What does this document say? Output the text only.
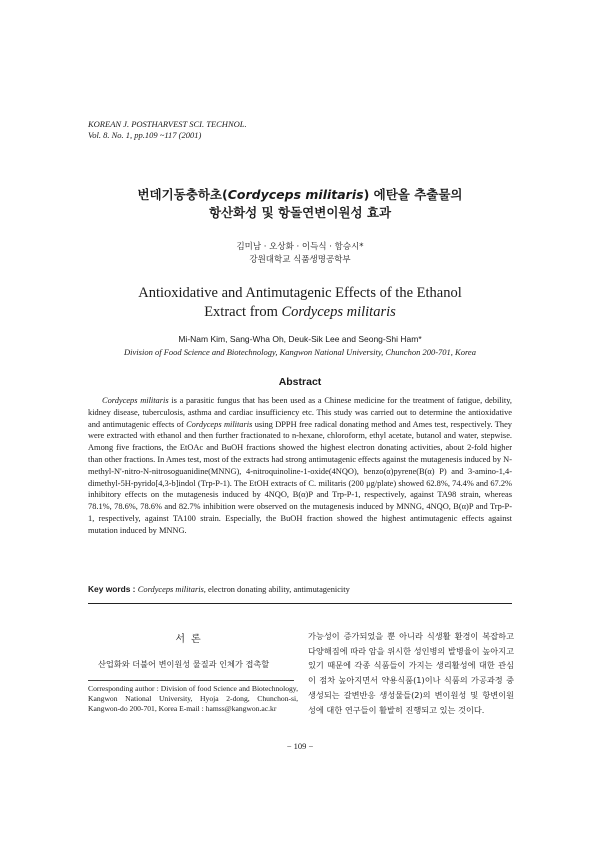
KOREAN J. POSTHARVEST SCI. TECHNOL.
Vol. 8. No. 1, pp.109 ~117 (2001)
번데기동충하초(Cordyceps militaris) 에탄올 추출물의
항산화성 및 항돌연변이원성 효과
김미남 · 오상화 · 이득식 · 함승시*
강원대학교 식품생명공학부
Antioxidative and Antimutagenic Effects of the Ethanol
Extract from Cordyceps militaris
Mi-Nam Kim, Sang-Wha Oh, Deuk-Sik Lee and Seong-Shi Ham*
Division of Food Science and Biotechnology, Kangwon National University, Chunchon 200-701, Korea
Abstract
Cordyceps militaris is a parasitic fungus that has been used as a Chinese medicine for the treatment of fatigue, debility, kidney disease, tuberculosis, asthma and cardiac insufficiency etc. This study was carried out to determine the antioxidative and antimutagenic effects of Cordyceps militaris using DPPH free radical donating method and Ames test, respectively. They were extracted with ethanol and then further fractionated to n-hexane, chloroform, ethyl acetate, butanol and water, stepwise. Among five fractions, the EtOAc and BuOH fractions showed the highest electron donating activities, about 2-fold higher than other fractions. In Ames test, most of the extracts had strong antimutagenic effects against the mutagenesis induced by N-methyl-N'-nitro-N-nitrosoguanidine(MNNG), 4-nitroquinoline-1-oxide(4NQO), benzo(α)pyrene(B(α) P) and 3-amino-1,4-dimethyl-5H-pyrido[4,3-b]indol (Trp-P-1). The EtOH extracts of C. militaris (200 μg/plate) showed 62.8%, 74.4% and 67.2% inhibitory effects on the mutagenesis induced by 4NQO, B(α)P and Trp-P-1, respectively, against TA98 strain, whereas 78.1%, 78.6%, 78.6% and 82.7% inhibition were observed on the mutagenesis induced by MNNG, 4NQO, B(α)P and Trp-P-1, respectively, against TA100 strain. Especially, the BuOH fraction showed the highest antimutagenic effects against mutation induced by MNNG.
Key words : Cordyceps militaris, electron donating ability, antimutagenicity
서론
산업화와 더불어 변이원성 물질과 인체가 접촉할
Corresponding author : Division of food Science and Biotechnology, Kangwon National University, Hyoja 2-dong, Chunchon-si, Kangwon-do 200-701, Korea E-mail : hamss@kangwon.ac.kr
가능성이 증가되었을 뿐 아니라 식생활 환경이 복잡하고 다양해짐에 따라 암을 위시한 성인병의 발병율이 높아지고 있기 때문에 각종 식품들이 가지는 생리활성에 대한 관심이 점차 높아지면서 약용식품(1)이나 식품의 가공과정 중 생성되는 갈변반응 생성물들(2)의 변이원성 및 항변이원성에 대한 연구들이 활발히 진행되고 있는 것이다.
− 109 −
